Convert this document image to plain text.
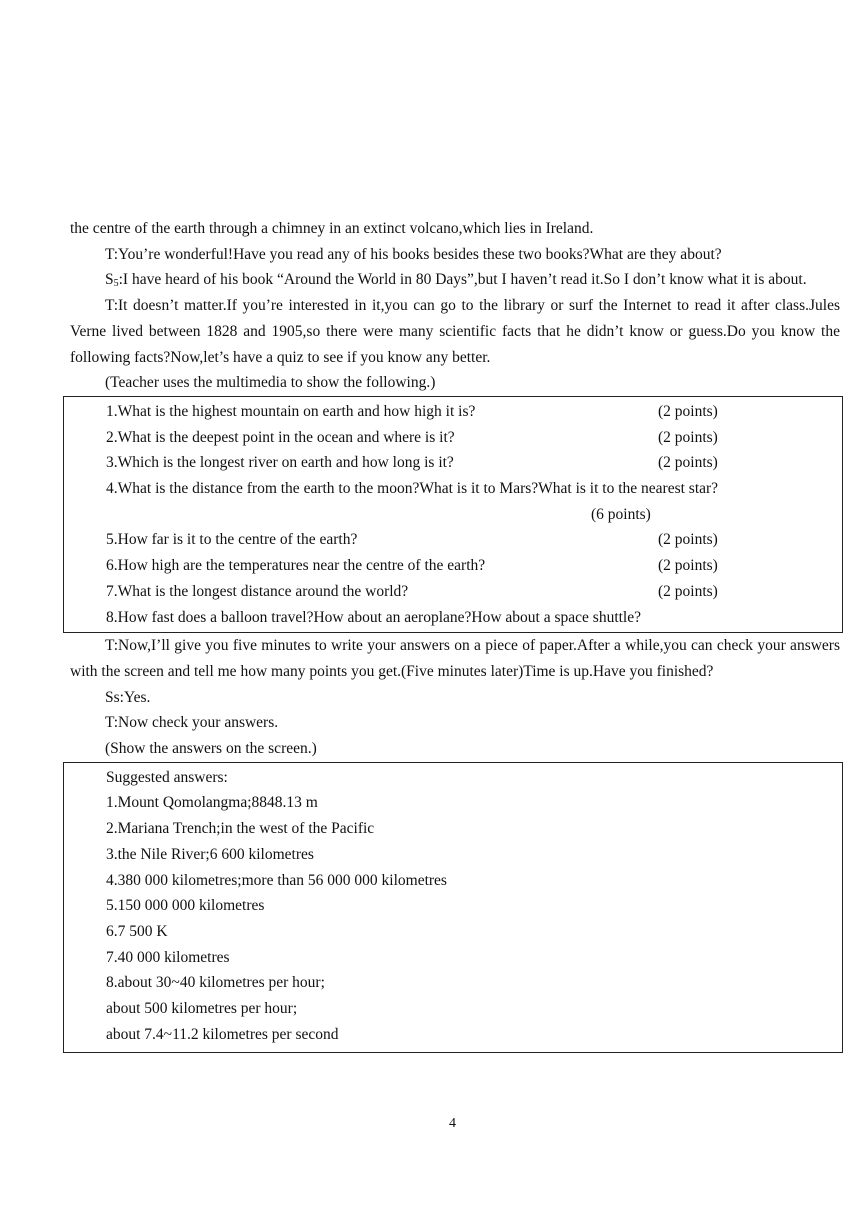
the centre of the earth through a chimney in an extinct volcano,which lies in Ireland.
T:You’re wonderful!Have you read any of his books besides these two books?What are they about?
$S_5:I$ have heard of his book “Around the World in 80 Days”,but I haven’t read it.So I don’t know what it is about.
T:It doesn’t matter.If you’re interested in it,you can go to the library or surf the Internet to read it after class.Jules Verne lived between 1828 and 1905,so there were many scientific facts that he didn’t know or guess.Do you know the following facts?Now,let’s have a quiz to see if you know any better.
(Teacher uses the multimedia to show the following.)
1.What is the highest mountain on earth and how high it is?	(2 points)
2.What is the deepest point in the ocean and where is it?	(2 points)
3.Which is the longest river on earth and how long is it?	(2 points)
4.What is the distance from the earth to the moon?What is it to Mars?What is it to the nearest star?
(6 points)
5.How far is it to the centre of the earth?	(2 points)
6.How high are the temperatures near the centre of the earth?	(2 points)
7.What is the longest distance around the world?	(2 points)
8.How fast does a balloon travel?How about an aeroplane?How about a space shuttle?
T:Now,I’ll give you five minutes to write your answers on a piece of paper.After a while,you can check your answers with the screen and tell me how many points you get.(Five minutes later)Time is up.Have you finished?
Ss:Yes.
T:Now check your answers.
(Show the answers on the screen.)
Suggested answers:
1.Mount Qomolangma;8848.13 m
2.Mariana Trench;in the west of the Pacific
3.the Nile River;6 600 kilometres
4.380 000 kilometres;more than 56 000 000 kilometres
5.150 000 000 kilometres
6.7 500 K
7.40 000 kilometres
8.about 30~40 kilometres per hour;
about 500 kilometres per hour;
about 7.4~11.2 kilometres per second
4
